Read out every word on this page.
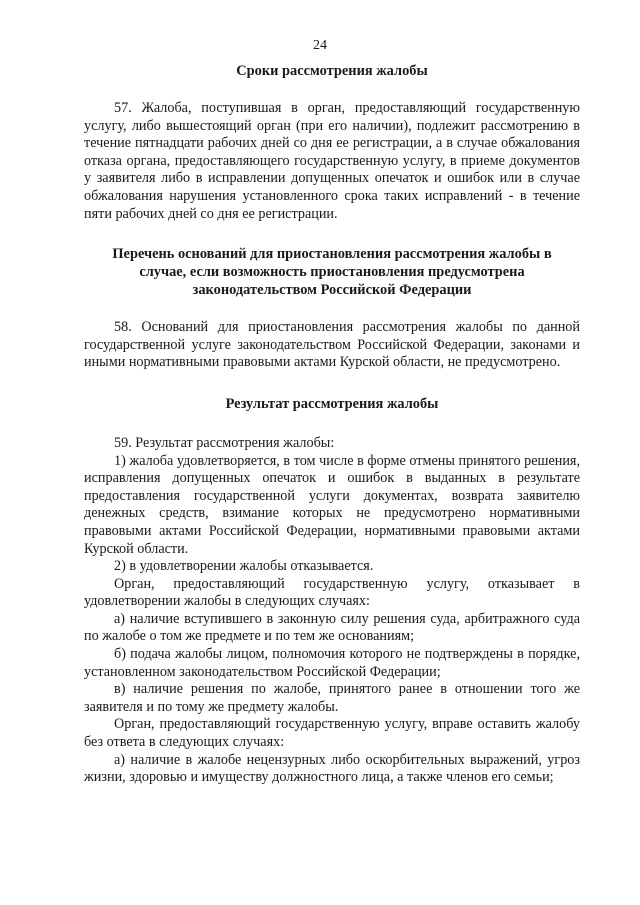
24
Сроки рассмотрения жалобы

57. Жалоба, поступившая в орган, предоставляющий государственную услугу, либо вышестоящий орган (при его наличии), подлежит рассмотрению в течение пятнадцати рабочих дней со дня ее регистрации, а в случае обжалования отказа органа, предоставляющего государственную услугу, в приеме документов у заявителя либо в исправлении допущенных опечаток и ошибок или в случае обжалования нарушения установленного срока таких исправлений - в течение пяти рабочих дней со дня ее регистрации.

Перечень оснований для приостановления рассмотрения жалобы в
случае, если возможность приостановления предусмотрена
законодательством Российской Федерации

58. Оснований для приостановления рассмотрения жалобы по данной государственной услуге законодательством Российской Федерации, законами и иными нормативными правовыми актами Курской области, не предусмотрено.

Результат рассмотрения жалобы

59. Результат рассмотрения жалобы:

1) жалоба удовлетворяется, в том числе в форме отмены принятого решения, исправления допущенных опечаток и ошибок в выданных в результате предоставления государственной услуги документах, возврата заявителю денежных средств, взимание которых не предусмотрено нормативными правовыми актами Российской Федерации, нормативными правовыми актами Курской области.

2) в удовлетворении жалобы отказывается.

Орган, предоставляющий государственную услугу, отказывает в удовлетворении жалобы в следующих случаях:

а) наличие вступившего в законную силу решения суда, арбитражного суда по жалобе о том же предмете и по тем же основаниям;

б) подача жалобы лицом, полномочия которого не подтверждены в порядке, установленном законодательством Российской Федерации;

в) наличие решения по жалобе, принятого ранее в отношении того же заявителя и по тому же предмету жалобы.

Орган, предоставляющий государственную услугу, вправе оставить жалобу без ответа в следующих случаях:

а) наличие в жалобе нецензурных либо оскорбительных выражений, угроз жизни, здоровью и имуществу должностного лица, а также членов его семьи;
